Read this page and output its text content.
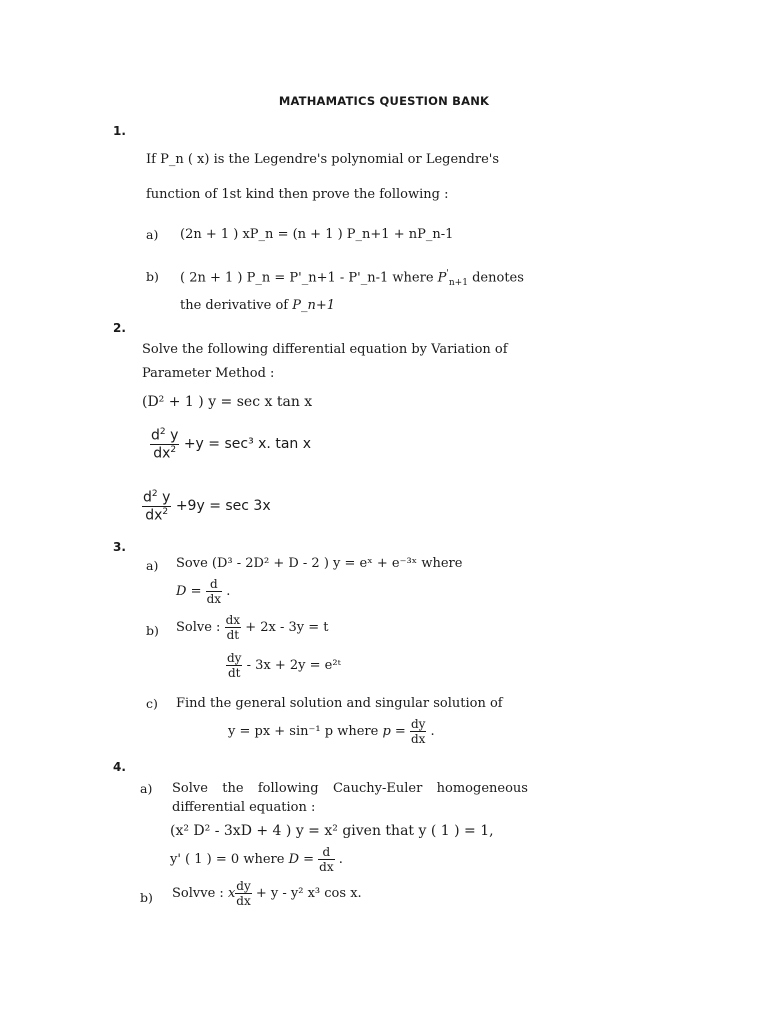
MATHAMATICS QUESTION BANK
1.
If P_n ( x) is the Legendre's polynomial or Legendre's
function of 1st kind then prove the following :
a) (2n + 1 ) xP_n = (n + 1 ) P_n+1 + nP_n-1
b) ( 2n + 1 ) P_n = P'_n+1 - P'_n-1 where $P'_{n+1}$ denotes
the derivative of P_n+1
2.
Solve the following differential equation by Variation of
Parameter Method :
(D² + 1 ) y = sec x tan x
$\frac{d^2 y}{dx^2} +y = \sec^3$ x. tan x
$\frac{d^2 y}{dx^2} +9y = \sec 3x$
3.
a) Sove (D³ - 2D² + D - 2 ) y = eˣ + e⁻³ˣ where
$D = \frac{d}{dx}$ .
b) Solve : $\frac{dx}{dt} + 2x - 3y = t$
$\frac{dy}{dt} - 3x + 2y$ = e²ᵗ
c) Find the general solution and singular solution of
y = px + sin⁻¹ p where $p = \frac{dy}{dx}$ .
4.
a) Solve the following Cauchy-Euler homogeneous
differential equation :
(x² D² - 3xD + 4 ) y = x² given that y ( 1 ) = 1,
y' ( 1 ) = 0 where $D = \frac{d}{dx}$ .
b) Solvve : x $\frac{dy}{dx} + y - y^2$ x³ cos x.
